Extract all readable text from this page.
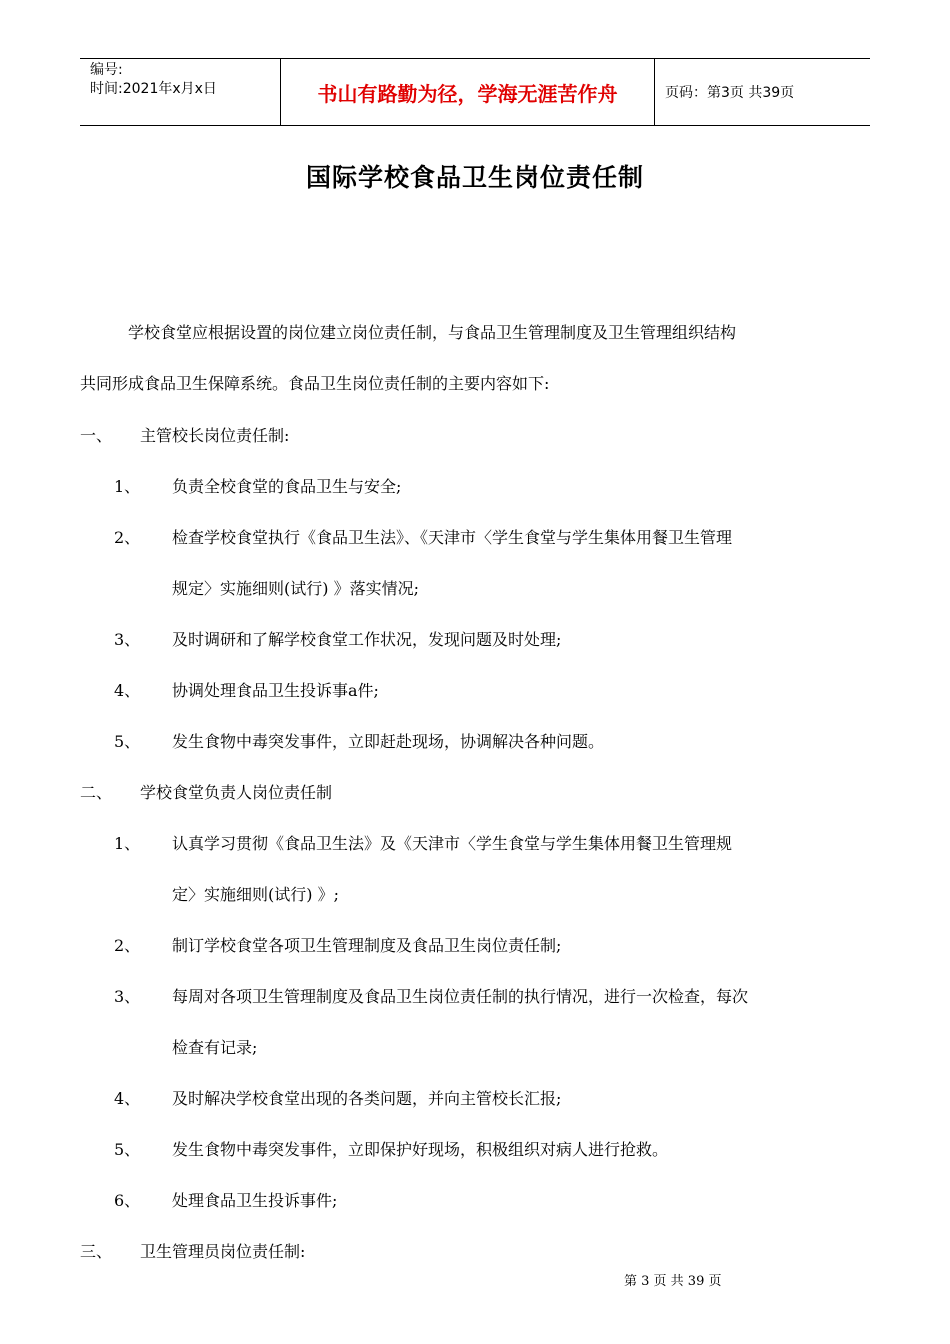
编号:
时间:2021年x月x日	书山有路勤为径，学海无涯苦作舟	页码：第3页 共39页
国际学校食品卫生岗位责任制
学校食堂应根据设置的岗位建立岗位责任制，与食品卫生管理制度及卫生管理组织结构
共同形成食品卫生保障系统。食品卫生岗位责任制的主要内容如下:
一、 主管校长岗位责任制:
1、 负责全校食堂的食品卫生与安全;
2、 检查学校食堂执行《食品卫生法》、《天津市〈学生食堂与学生集体用餐卫生管理
规定〉实施细则(试行) 》落实情况;
3、 及时调研和了解学校食堂工作状况，发现问题及时处理;
4、 协调处理食品卫生投诉事a件;
5、 发生食物中毒突发事件，立即赶赴现场，协调解决各种问题。
二、 学校食堂负责人岗位责任制
1、 认真学习贯彻《食品卫生法》及《天津市〈学生食堂与学生集体用餐卫生管理规
定〉实施细则(试行) 》;
2、 制订学校食堂各项卫生管理制度及食品卫生岗位责任制;
3、 每周对各项卫生管理制度及食品卫生岗位责任制的执行情况，进行一次检查，每次
检查有记录;
4、 及时解决学校食堂出现的各类问题，并向主管校长汇报;
5、 发生食物中毒突发事件，立即保护好现场，积极组织对病人进行抢救。
6、 处理食品卫生投诉事件;
三、 卫生管理员岗位责任制:
第 3 页 共 39 页
